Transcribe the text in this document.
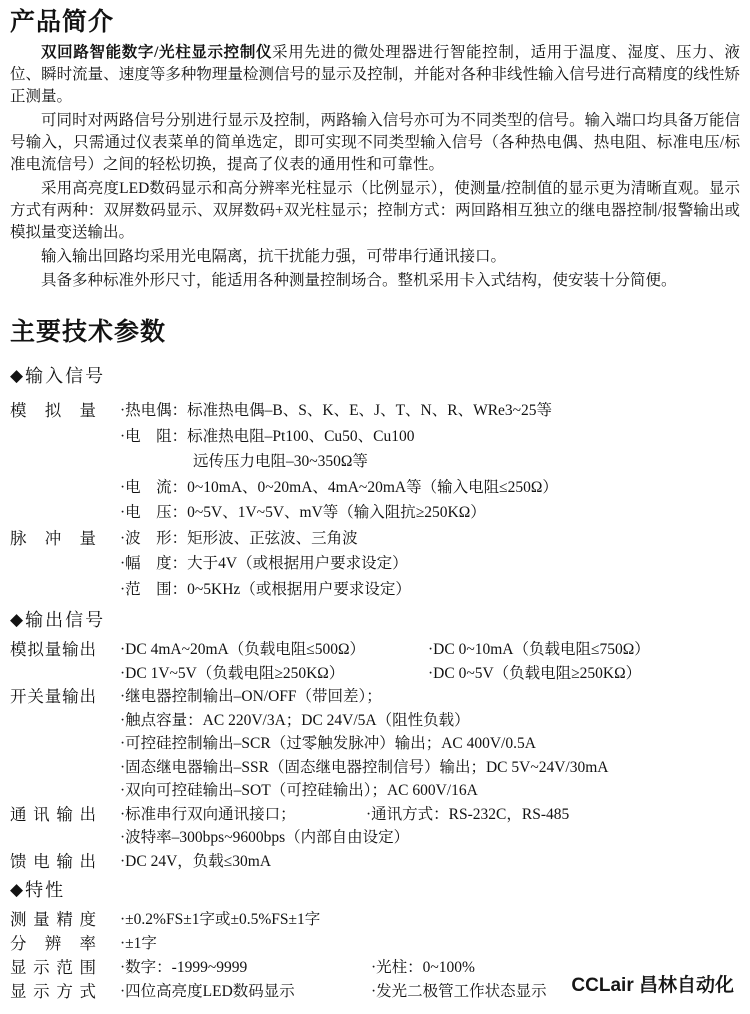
产品简介

双回路智能数字/光柱显示控制仪采用先进的微处理器进行智能控制，适用于温度、湿度、压力、液位、瞬时流量、速度等多种物理量检测信号的显示及控制，并能对各种非线性输入信号进行高精度的线性矫正测量。

可同时对两路信号分别进行显示及控制，两路输入信号亦可为不同类型的信号。输入端口均具备万能信号输入，只需通过仪表菜单的简单选定，即可实现不同类型输入信号（各种热电偶、热电阻、标准电压/标准电流信号）之间的轻松切换，提高了仪表的通用性和可靠性。

采用高亮度LED数码显示和高分辨率光柱显示（比例显示），使测量/控制值的显示更为清晰直观。显示方式有两种：双屏数码显示、双屏数码+双光柱显示；控制方式：两回路相互独立的继电器控制/报警输出或模拟量变送输出。

输入输出回路均采用光电隔离，抗干扰能力强，可带串行通讯接口。

具备多种标准外形尺寸，能适用各种测量控制场合。整机采用卡入式结构，使安装十分简便。

主要技术参数
◆ 输入信号
模拟量	·热电偶：标准热电偶–B、S、K、E、J、T、N、R、WRe3~25等
·电　阻：标准热电阻–Pt100、Cu50、Cu100
远传压力电阻–30~350Ω等
·电　流：0~10mA、0~20mA、4mA~20mA等（输入电阻≤250Ω）
·电　压：0~5V、1V~5V、mV等（输入阻抗≥250KΩ）
脉冲量	·波　形：矩形波、正弦波、三角波
·幅　度：大于4V（或根据用户要求设定）
·范　围：0~5KHz（或根据用户要求设定）
◆ 输出信号
模拟量输出	·DC 4mA~20mA（负载电阻≤500Ω）	·DC 0~10mA（负载电阻≤750Ω）
·DC 1V~5V（负载电阻≥250KΩ）	·DC 0~5V（负载电阻≥250KΩ）
开关量输出	·继电器控制输出–ON/OFF（带回差）；
·触点容量：AC 220V/3A；DC 24V/5A（阻性负载）
·可控硅控制输出–SCR（过零触发脉冲）输出；AC 400V/0.5A
·固态继电器输出–SSR（固态继电器控制信号）输出；DC 5V~24V/30mA
·双向可控硅输出–SOT（可控硅输出）；AC 600V/16A
通讯输出	·标准串行双向通讯接口；	·通讯方式：RS-232C，RS-485
·波特率–300bps~9600bps（内部自由设定）
馈电输出	·DC 24V，负载≤30mA
◆ 特性
测量精度	·±0.2%FS±1字或±0.5%FS±1字
分辨率	·±1字
显示范围	·数字：-1999~9999	·光柱：0~100%
显示方式	·四位高亮度LED数码显示	·发光二极管工作状态显示	CCLair 昌林自动化
